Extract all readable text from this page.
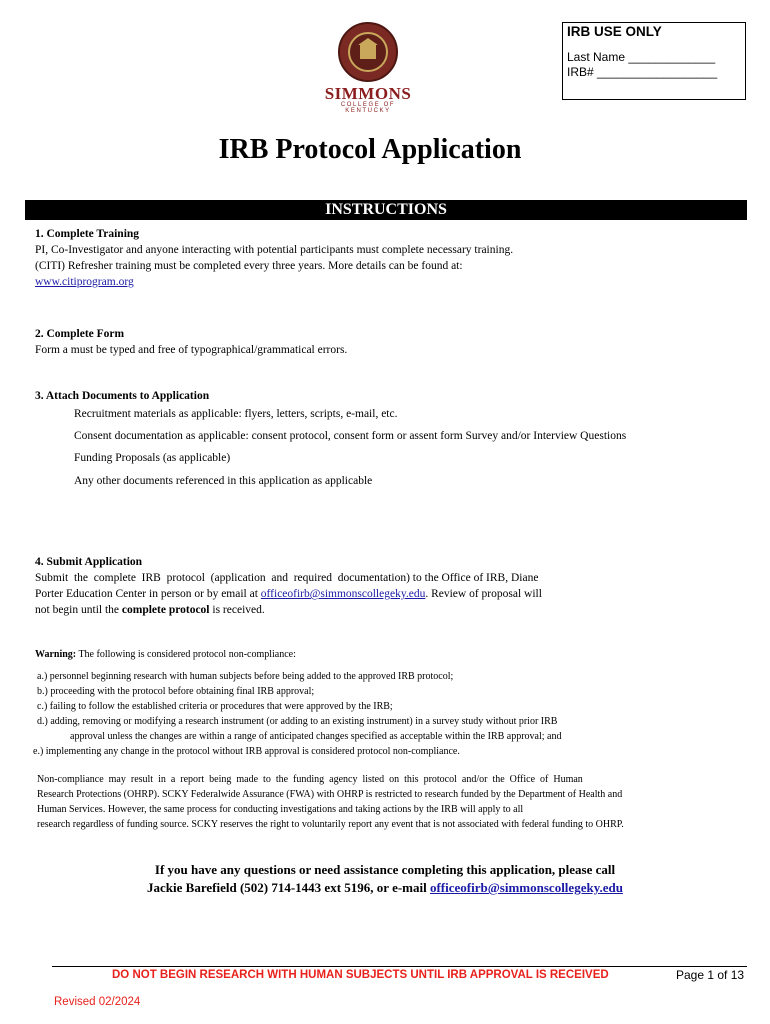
SIMMONS
COLLEGE OF KENTUCKY
IRB USE ONLY
Last Name _____________
IRB# __________________
IRB Protocol Application
INSTRUCTIONS
1. Complete Training
PI, Co-Investigator and anyone interacting with potential participants must complete necessary training.
(CITI) Refresher training must be completed every three years. More details can be found at:
www.citiprogram.org
2. Complete Form
Form a must be typed and free of typographical/grammatical errors.
3. Attach Documents to Application
Recruitment materials as applicable: flyers, letters, scripts, e-mail, etc.
Consent documentation as applicable: consent protocol, consent form or assent form Survey and/or Interview Questions
Funding Proposals (as applicable)
Any other documents referenced in this application as applicable
4. Submit Application
Submit  the  complete  IRB  protocol  (application  and  required  documentation) to the Office of IRB, Diane
Porter Education Center in person or by email at officeofirb@simmonscollegeky.edu. Review of proposal will
not begin until the complete protocol is received.
Warning: The following is considered protocol non-compliance:
a.) personnel beginning research with human subjects before being added to the approved IRB protocol;
b.) proceeding with the protocol before obtaining final IRB approval;
c.) failing to follow the established criteria or procedures that were approved by the IRB;
d.) adding, removing or modifying a research instrument (or adding to an existing instrument) in a survey study without prior IRB
approval unless the changes are within a range of anticipated changes specified as acceptable within the IRB approval; and
e.) implementing any change in the protocol without IRB approval is considered protocol non-compliance.
Non-compliance  may  result  in  a  report  being  made  to  the  funding  agency  listed  on  this  protocol  and/or  the  Office  of  Human
Research Protections (OHRP). SCKY Federalwide Assurance (FWA) with OHRP is restricted to research funded by the Department of Health and
Human Services. However, the same process for conducting investigations and taking actions by the IRB will apply to all
research regardless of funding source. SCKY reserves the right to voluntarily report any event that is not associated with federal funding to OHRP.
If you have any questions or need assistance completing this application, please call
Jackie Barefield (502) 714-1443 ext 5196, or e-mail officeofirb@simmonscollegeky.edu
DO NOT BEGIN RESEARCH WITH HUMAN SUBJECTS UNTIL IRB APPROVAL IS RECEIVED	Page 1 of 13
Revised 02/2024
